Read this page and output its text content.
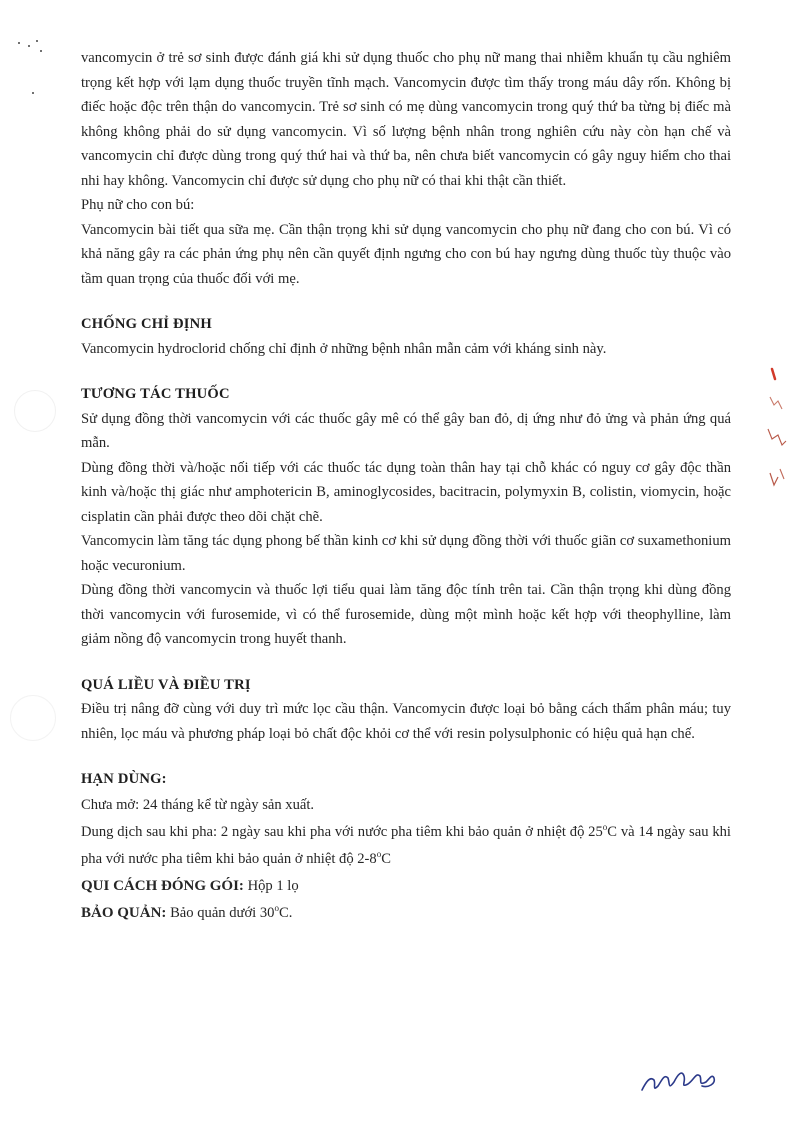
vancomycin ở trẻ sơ sinh được đánh giá khi sử dụng thuốc cho phụ nữ mang thai nhiễm khuẩn tụ cầu nghiêm trọng kết hợp với lạm dụng thuốc truyền tĩnh mạch. Vancomycin được tìm thấy trong máu dây rốn. Không bị điếc hoặc độc trên thận do vancomycin. Trẻ sơ sinh có mẹ dùng vancomycin trong quý thứ ba từng bị điếc mà không không phải do sử dụng vancomycin. Vì số lượng bệnh nhân trong nghiên cứu này còn hạn chế và vancomycin chỉ được dùng trong quý thứ hai và thứ ba, nên chưa biết vancomycin có gây nguy hiểm cho thai nhi hay không. Vancomycin chỉ được sử dụng cho phụ nữ có thai khi thật cần thiết.

Phụ nữ cho con bú:

Vancomycin bài tiết qua sữa mẹ. Cần thận trọng khi sử dụng vancomycin cho phụ nữ đang cho con bú. Vì có khả năng gây ra các phản ứng phụ nên cần quyết định ngưng cho con bú hay ngưng dùng thuốc tùy thuộc vào tầm quan trọng của thuốc đối với mẹ.

CHỐNG CHỈ ĐỊNH

Vancomycin hydroclorid chống chỉ định ở những bệnh nhân mẫn cảm với kháng sinh này.

TƯƠNG TÁC THUỐC

Sử dụng đồng thời vancomycin với các thuốc gây mê có thể gây ban đỏ, dị ứng như đỏ ửng và phản ứng quá mẫn.

Dùng đồng thời và/hoặc nối tiếp với các thuốc tác dụng toàn thân hay tại chỗ khác có nguy cơ gây độc thần kinh và/hoặc thị giác như amphotericin B, aminoglycosides, bacitracin, polymyxin B, colistin, viomycin, hoặc cisplatin cần phải được theo dõi chặt chẽ.

Vancomycin làm tăng tác dụng phong bế thần kinh cơ khi sử dụng đồng thời với thuốc giãn cơ suxamethonium hoặc vecuronium.

Dùng đồng thời vancomycin và thuốc lợi tiểu quai làm tăng độc tính trên tai. Cần thận trọng khi dùng đồng thời vancomycin với furosemide, vì có thể furosemide, dùng một mình hoặc kết hợp với theophylline, làm giảm nồng độ vancomycin trong huyết thanh.

QUÁ LIỀU VÀ ĐIỀU TRỊ

Điều trị nâng đỡ cùng với duy trì mức lọc cầu thận. Vancomycin được loại bỏ bằng cách thẩm phân máu; tuy nhiên, lọc máu và phương pháp loại bỏ chất độc khỏi cơ thể với resin polysulphonic có hiệu quả hạn chế.

HẠN DÙNG:

Chưa mở: 24 tháng kể từ ngày sản xuất.

Dung dịch sau khi pha: 2 ngày sau khi pha với nước pha tiêm khi bảo quản ở nhiệt độ 25$^o$C và 14 ngày sau khi pha với nước pha tiêm khi bảo quản ở nhiệt độ 2-8$^o$C

QUI CÁCH ĐÓNG GÓI: Hộp 1 lọ

BẢO QUẢN: Bảo quản dưới 30$^o$C.
